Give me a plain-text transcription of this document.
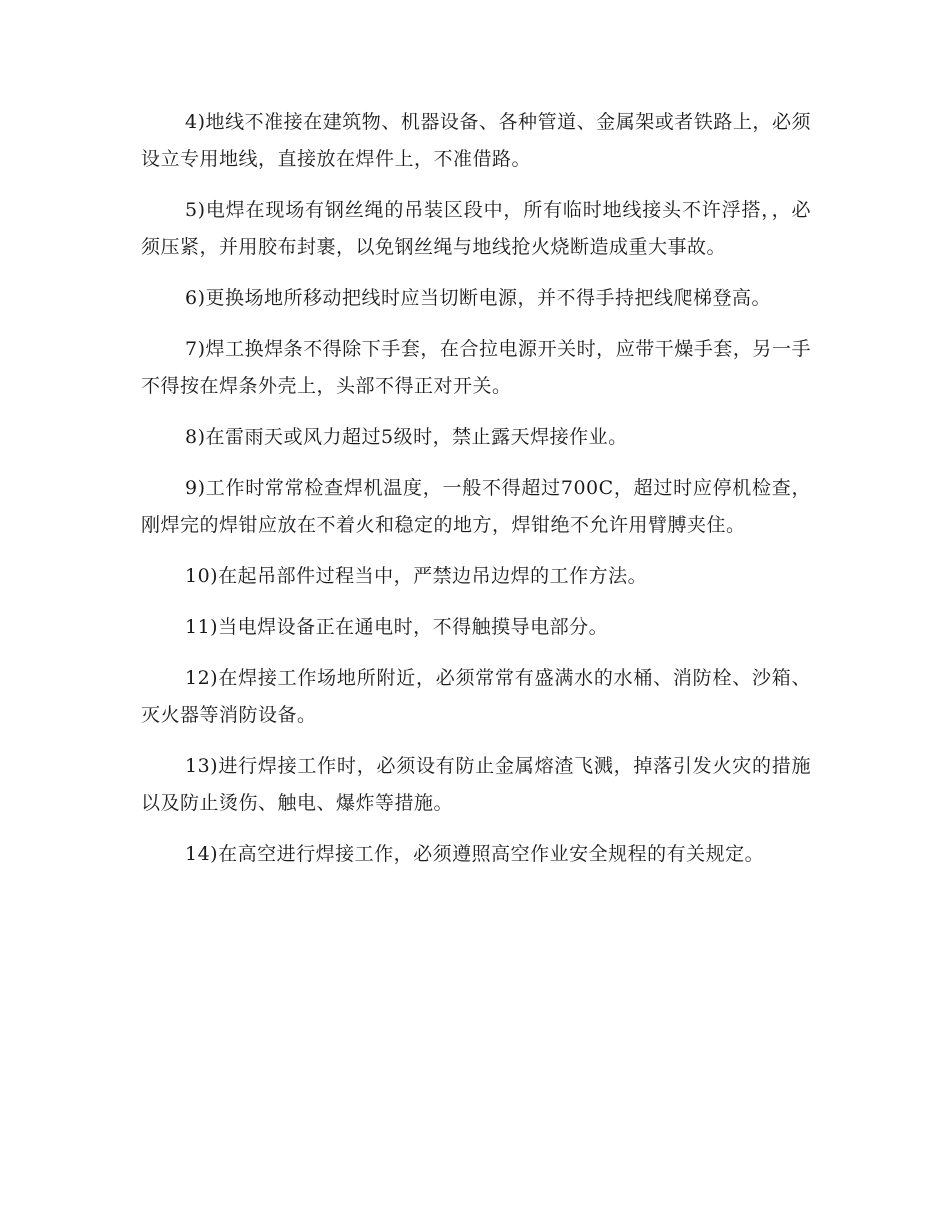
4)地线不准接在建筑物、机器设备、各种管道、金属架或者铁路上，必须设立专用地线，直接放在焊件上，不准借路。

5)电焊在现场有钢丝绳的吊装区段中，所有临时地线接头不许浮搭，，必须压紧，并用胶布封裹，以免钢丝绳与地线抢火烧断造成重大事故。

6)更换场地所移动把线时应当切断电源，并不得手持把线爬梯登高。

7)焊工换焊条不得除下手套，在合拉电源开关时，应带干燥手套，另一手不得按在焊条外壳上，头部不得正对开关。

8)在雷雨天或风力超过5级时，禁止露天焊接作业。

9)工作时常常检查焊机温度，一般不得超过700C，超过时应停机检查，刚焊完的焊钳应放在不着火和稳定的地方，焊钳绝不允许用臂膊夹住。

10)在起吊部件过程当中，严禁边吊边焊的工作方法。

11)当电焊设备正在通电时，不得触摸导电部分。

12)在焊接工作场地所附近，必须常常有盛满水的水桶、消防栓、沙箱、灭火器等消防设备。

13)进行焊接工作时，必须设有防止金属熔渣飞溅，掉落引发火灾的措施以及防止烫伤、触电、爆炸等措施。

14)在高空进行焊接工作，必须遵照高空作业安全规程的有关规定。
